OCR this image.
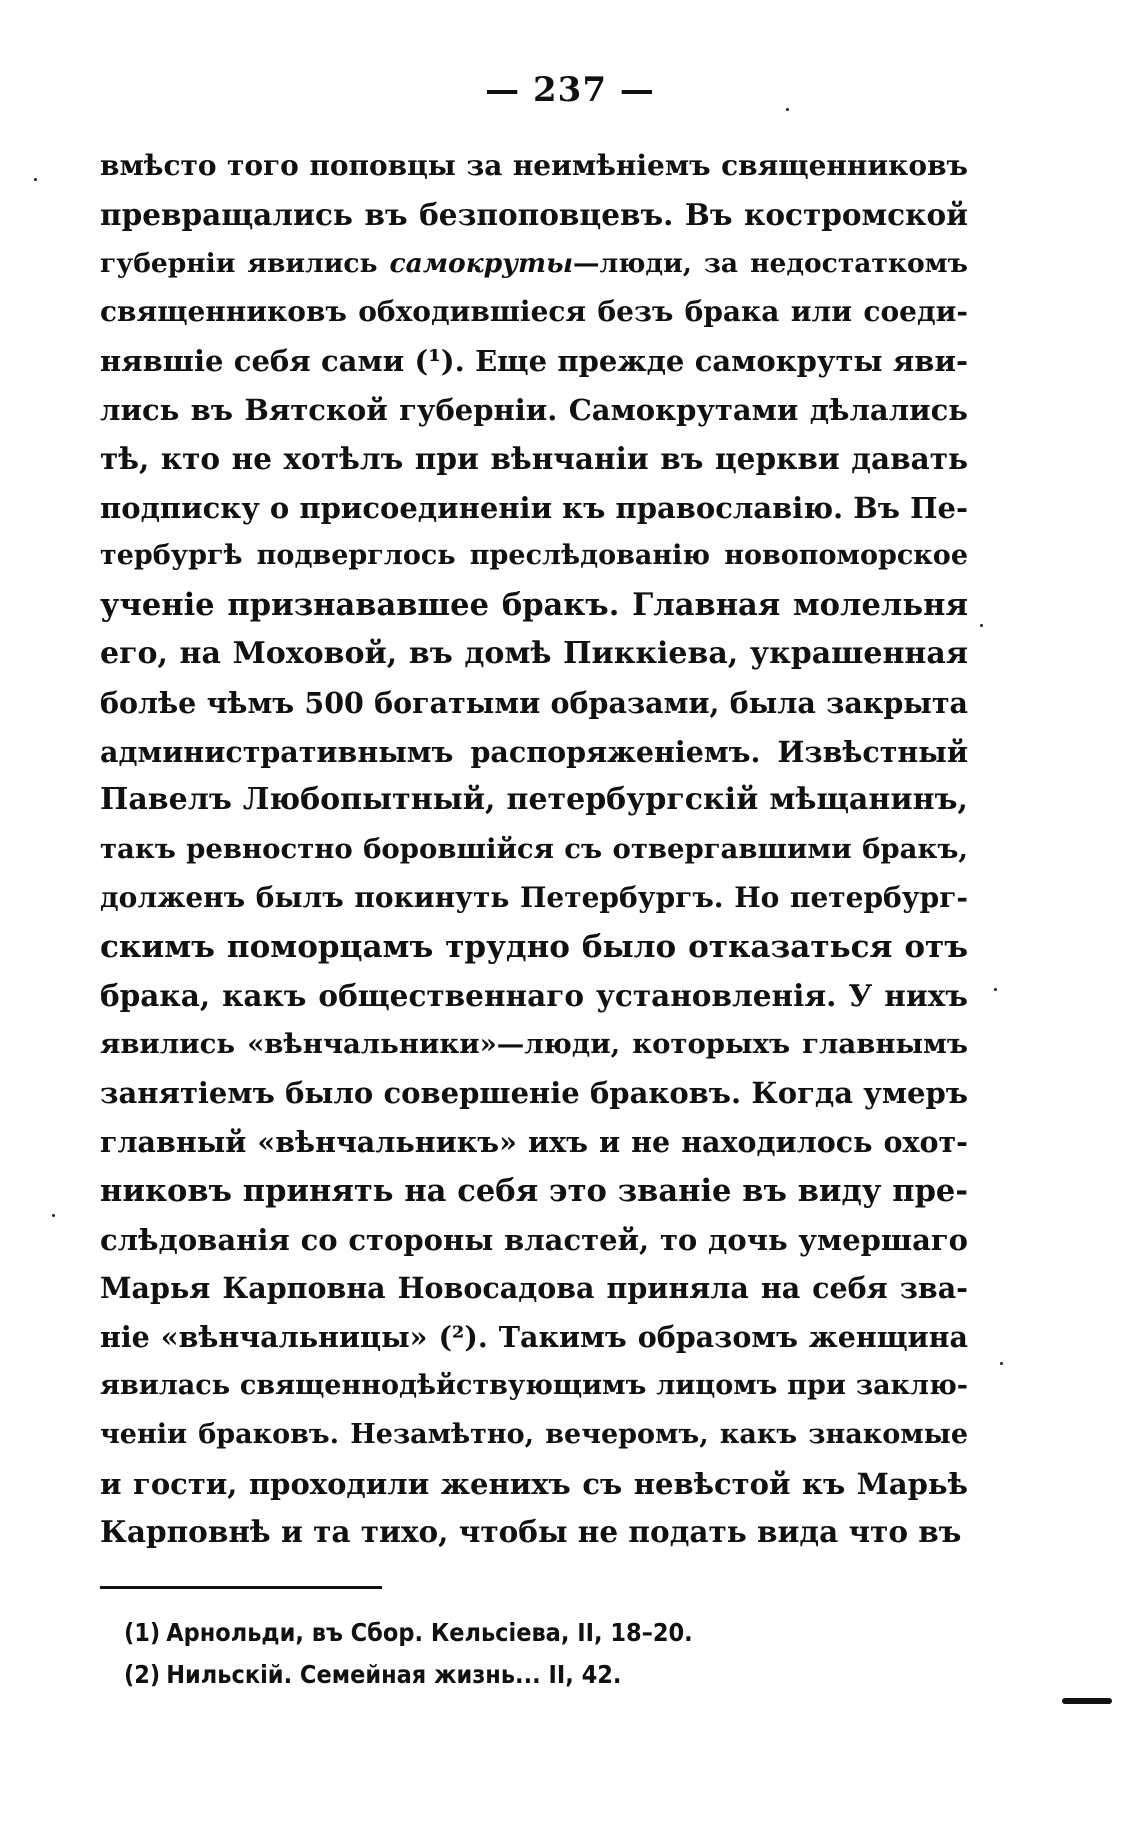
— 237 —
вмѣсто того поповцы за неимѣніемъ священниковъ
превращались въ безпоповцевъ. Въ костромской
губерніи явились самокруты—люди, за недостаткомъ
священниковъ обходившіеся безъ брака или соеди-
нявшіе себя сами (¹). Еще прежде самокруты яви-
лись въ Вятской губерніи. Самокрутами дѣлались
тѣ, кто не хотѣлъ при вѣнчаніи въ церкви давать
подписку о присоединеніи къ православію. Въ Пе-
тербургѣ подверглось преслѣдованію новопоморское
ученіе признававшее бракъ. Главная молельня
его, на Моховой, въ домѣ Пиккіева, украшенная
болѣе чѣмъ 500 богатыми образами, была закрыта
административнымъ распоряженіемъ. Извѣстный
Павелъ Любопытный, петербургскій мѣщанинъ,
такъ ревностно боровшійся съ отвергавшими бракъ,
долженъ былъ покинуть Петербургъ. Но петербург-
скимъ поморцамъ трудно было отказаться отъ
брака, какъ общественнаго установленія. У нихъ
явились «вѣнчальники»—люди, которыхъ главнымъ
занятіемъ было совершеніе браковъ. Когда умеръ
главный «вѣнчальникъ» ихъ и не находилось охот-
никовъ принять на себя это званіе въ виду пре-
слѣдованія со стороны властей, то дочь умершаго
Марья Карповна Новосадова приняла на себя зва-
ніе «вѣнчальницы» (²). Такимъ образомъ женщина
явилась священнодѣйствующимъ лицомъ при заклю-
ченіи браковъ. Незамѣтно, вечеромъ, какъ знакомые
и гости, проходили женихъ съ невѣстой къ Марьѣ
Карповнѣ и та тихо, чтобы не подать вида что въ
(1) Арнольди, въ Сбор. Кельсіева, II, 18–20.
(2) Нильскій. Семейная жизнь... II, 42.
